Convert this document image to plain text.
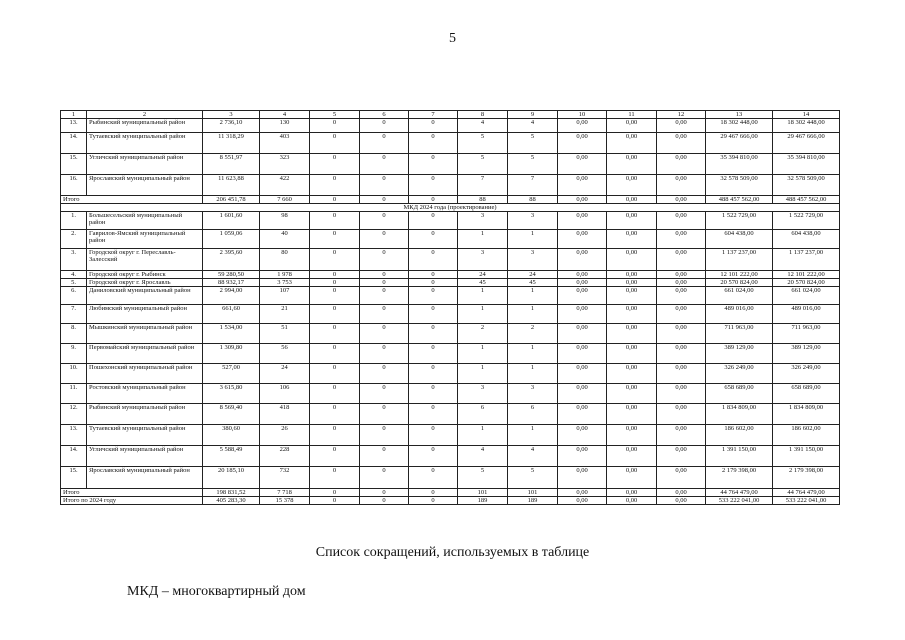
5
1	2	3	4	5	6	7	8	9	10	11	12	13	14
13.	Рыбинский муниципальный район	2 736,10	130	0	0	0	4	4	0,00	0,00	0,00	18 302 448,00	18 302 448,00
14.	Тутаевский муниципальный район	11 318,29	403	0	0	0	5	5	0,00	0,00	0,00	29 467 666,00	29 467 666,00
15.	Угличский муниципальный район	8 551,97	323	0	0	0	5	5	0,00	0,00	0,00	35 394 810,00	35 394 810,00
16.	Ярославский муниципальный район	11 623,88	422	0	0	0	7	7	0,00	0,00	0,00	32 578 509,00	32 578 509,00
Итого		206 451,78	7 660	0	0	0	88	88	0,00	0,00	0,00	488 457 562,00	488 457 562,00
МКД 2024 года (проектирование)													
1.	Большесельский муниципальный район	1 601,60	98	0	0	0	3	3	0,00	0,00	0,00	1 522 729,00	1 522 729,00
2.	Гаврилов-Ямский муниципальный район	1 059,06	40	0	0	0	1	1	0,00	0,00	0,00	604 438,00	604 438,00
3.	Городской округ г. Переславль-Залесский	2 395,60	80	0	0	0	3	3	0,00	0,00	0,00	1 137 237,00	1 137 237,00
4.	Городской округ г. Рыбинск	59 280,50	1 978	0	0	0	24	24	0,00	0,00	0,00	12 101 222,00	12 101 222,00
5.	Городской округ г. Ярославль	88 932,17	3 753	0	0	0	45	45	0,00	0,00	0,00	20 570 824,00	20 570 824,00
6.	Даниловский муниципальный район	2 994,00	107	0	0	0	1	1	0,00	0,00	0,00	661 024,00	661 024,00
7.	Любимский муниципальный район	661,60	21	0	0	0	1	1	0,00	0,00	0,00	489 016,00	489 016,00
8.	Мышкинский муниципальный район	1 534,00	51	0	0	0	2	2	0,00	0,00	0,00	711 963,00	711 963,00
9.	Первомайский муниципальный район	1 309,80	56	0	0	0	1	1	0,00	0,00	0,00	389 129,00	389 129,00
10.	Пошехонский муниципальный район	527,00	24	0	0	0	1	1	0,00	0,00	0,00	326 249,00	326 249,00
11.	Ростовский муниципальный район	3 615,80	106	0	0	0	3	3	0,00	0,00	0,00	658 689,00	658 689,00
12.	Рыбинский муниципальный район	8 569,40	418	0	0	0	6	6	0,00	0,00	0,00	1 834 809,00	1 834 809,00
13.	Тутаевский муниципальный район	380,60	26	0	0	0	1	1	0,00	0,00	0,00	186 602,00	186 602,00
14.	Угличский муниципальный район	5 588,49	228	0	0	0	4	4	0,00	0,00	0,00	1 391 150,00	1 391 150,00
15.	Ярославский муниципальный район	20 185,10	732	0	0	0	5	5	0,00	0,00	0,00	2 179 398,00	2 179 398,00
Итого		198 831,52	7 718	0	0	0	101	101	0,00	0,00	0,00	44 764 479,00	44 764 479,00
Итого по 2024 году		405 283,30	15 378	0	0	0	189	189	0,00	0,00	0,00	533 222 041,00	533 222 041,00
Список сокращений, используемых в таблице
МКД – многоквартирный дом
